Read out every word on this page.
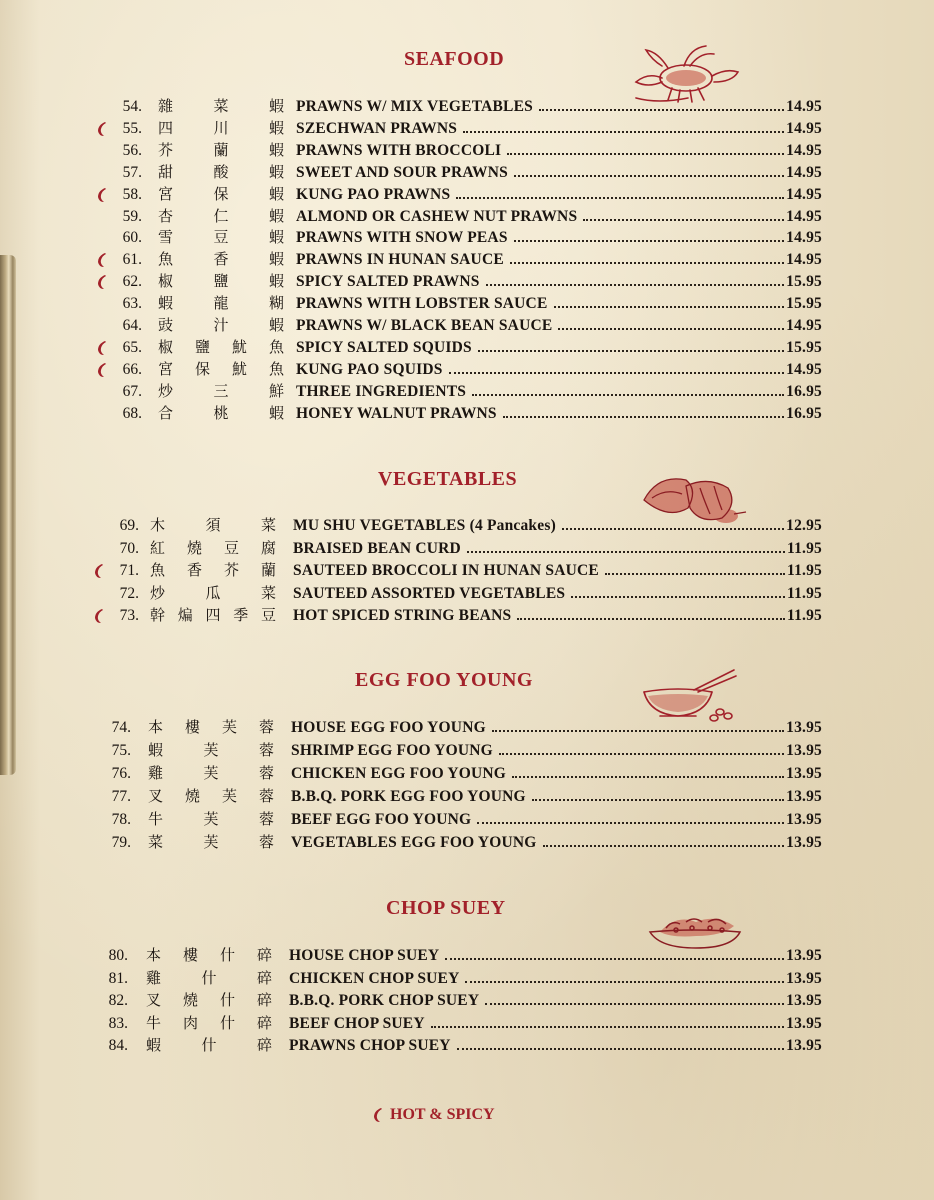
SEAFOOD
54. 雜	菜	蝦 PRAWNS W/ MIX VEGETABLES	14.95
55. 四	川	蝦 SZECHWAN PRAWNS	14.95
56. 芥	蘭	蝦 PRAWNS WITH BROCCOLI	14.95
57. 甜	酸	蝦 SWEET AND SOUR PRAWNS	14.95
58. 宮	保	蝦 KUNG PAO PRAWNS	14.95
59. 杏	仁	蝦 ALMOND OR CASHEW NUT PRAWNS	14.95
60. 雪	豆	蝦 PRAWNS WITH SNOW PEAS	14.95
61. 魚	香	蝦 PRAWNS IN HUNAN SAUCE	14.95
62. 椒	鹽	蝦 SPICY SALTED PRAWNS	15.95
63. 蝦	龍	糊 PRAWNS WITH LOBSTER SAUCE	15.95
64. 豉	汁	蝦 PRAWNS W/ BLACK BEAN SAUCE	14.95
65. 椒 鹽 魷 魚 SPICY SALTED SQUIDS	15.95
66. 宮 保 魷 魚 KUNG PAO SQUIDS	14.95
67. 炒	三	鮮 THREE INGREDIENTS	16.95
68. 合	桃	蝦 HONEY WALNUT PRAWNS	16.95
VEGETABLES
69. 木	須	菜 MU SHU VEGETABLES (4 Pancakes)	12.95
70. 紅 燒 豆 腐 BRAISED BEAN CURD	11.95
71. 魚 香 芥 蘭 SAUTEED BROCCOLI IN HUNAN SAUCE	11.95
72. 炒	瓜	菜 SAUTEED ASSORTED VEGETABLES	11.95
73. 幹 煸 四 季 豆 HOT SPICED STRING BEANS	11.95
EGG FOO YOUNG
74. 本 樓 芙 蓉 HOUSE EGG FOO YOUNG	13.95
75. 蝦	芙	蓉 SHRIMP EGG FOO YOUNG	13.95
76. 雞	芙	蓉 CHICKEN EGG FOO YOUNG	13.95
77. 叉 燒 芙 蓉 B.B.Q. PORK EGG FOO YOUNG	13.95
78. 牛	芙	蓉 BEEF EGG FOO YOUNG	13.95
79. 菜	芙	蓉 VEGETABLES EGG FOO YOUNG	13.95
CHOP SUEY
80. 本 樓 什 碎 HOUSE CHOP SUEY	13.95
81. 雞	什	碎 CHICKEN CHOP SUEY	13.95
82. 叉 燒 什 碎 B.B.Q. PORK CHOP SUEY	13.95
83. 牛 肉 什 碎 BEEF CHOP SUEY	13.95
84. 蝦	什	碎 PRAWNS CHOP SUEY	13.95
HOT & SPICY
